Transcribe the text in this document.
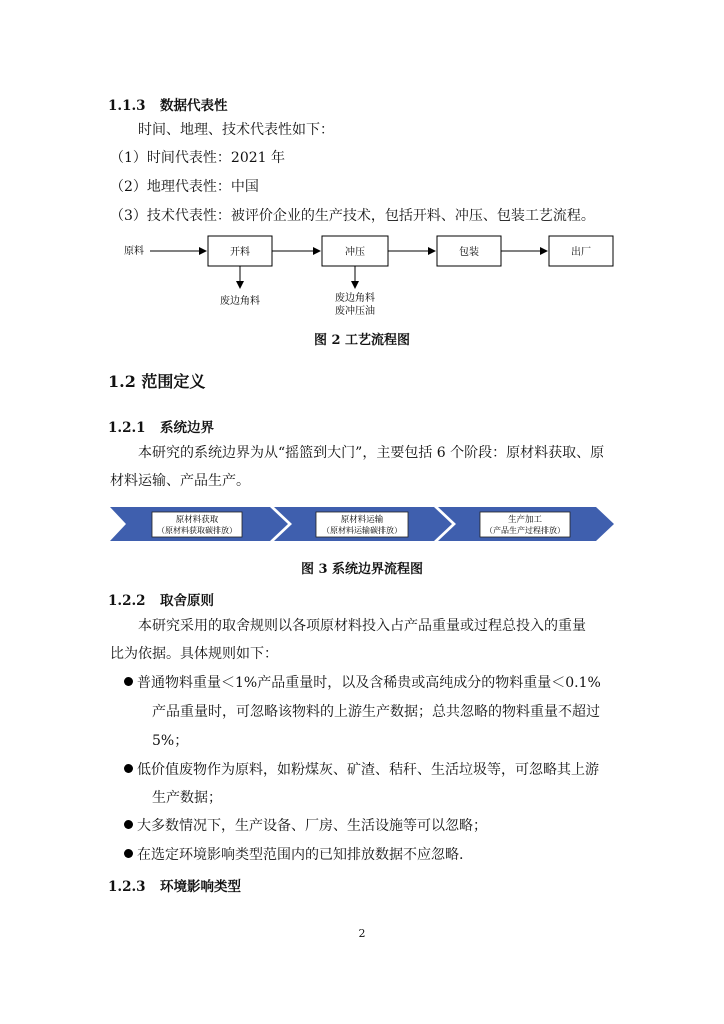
1.1.3 数据代表性
时间、地理、技术代表性如下：
（1）时间代表性：2021 年
（2）地理代表性：中国
（3）技术代表性：被评价企业的生产技术，包括开料、冲压、包装工艺流程。
原料	开料	冲压	包装	出厂
废边角料	废边角料
废冲压油
图 2 工艺流程图
1.2 范围定义
1.2.1 系统边界
本研究的系统边界为从“摇篮到大门”，主要包括 6 个阶段：原材料获取、原
材料运输、产品生产。
原材料获取
（原材料获取碳排放）
原材料运输
（原材料运输碳排放）
生产加工
（产品生产过程排放）
图 3 系统边界流程图
1.2.2 取舍原则
本研究采用的取舍规则以各项原材料投入占产品重量或过程总投入的重量
比为依据。具体规则如下：
普通物料重量＜1%产品重量时，以及含稀贵或高纯成分的物料重量＜0.1%
产品重量时，可忽略该物料的上游生产数据；总共忽略的物料重量不超过
5%；
低价值废物作为原料，如粉煤灰、矿渣、秸秆、生活垃圾等，可忽略其上游
生产数据；
大多数情况下，生产设备、厂房、生活设施等可以忽略；
在选定环境影响类型范围内的已知排放数据不应忽略.
1.2.3 环境影响类型
2
